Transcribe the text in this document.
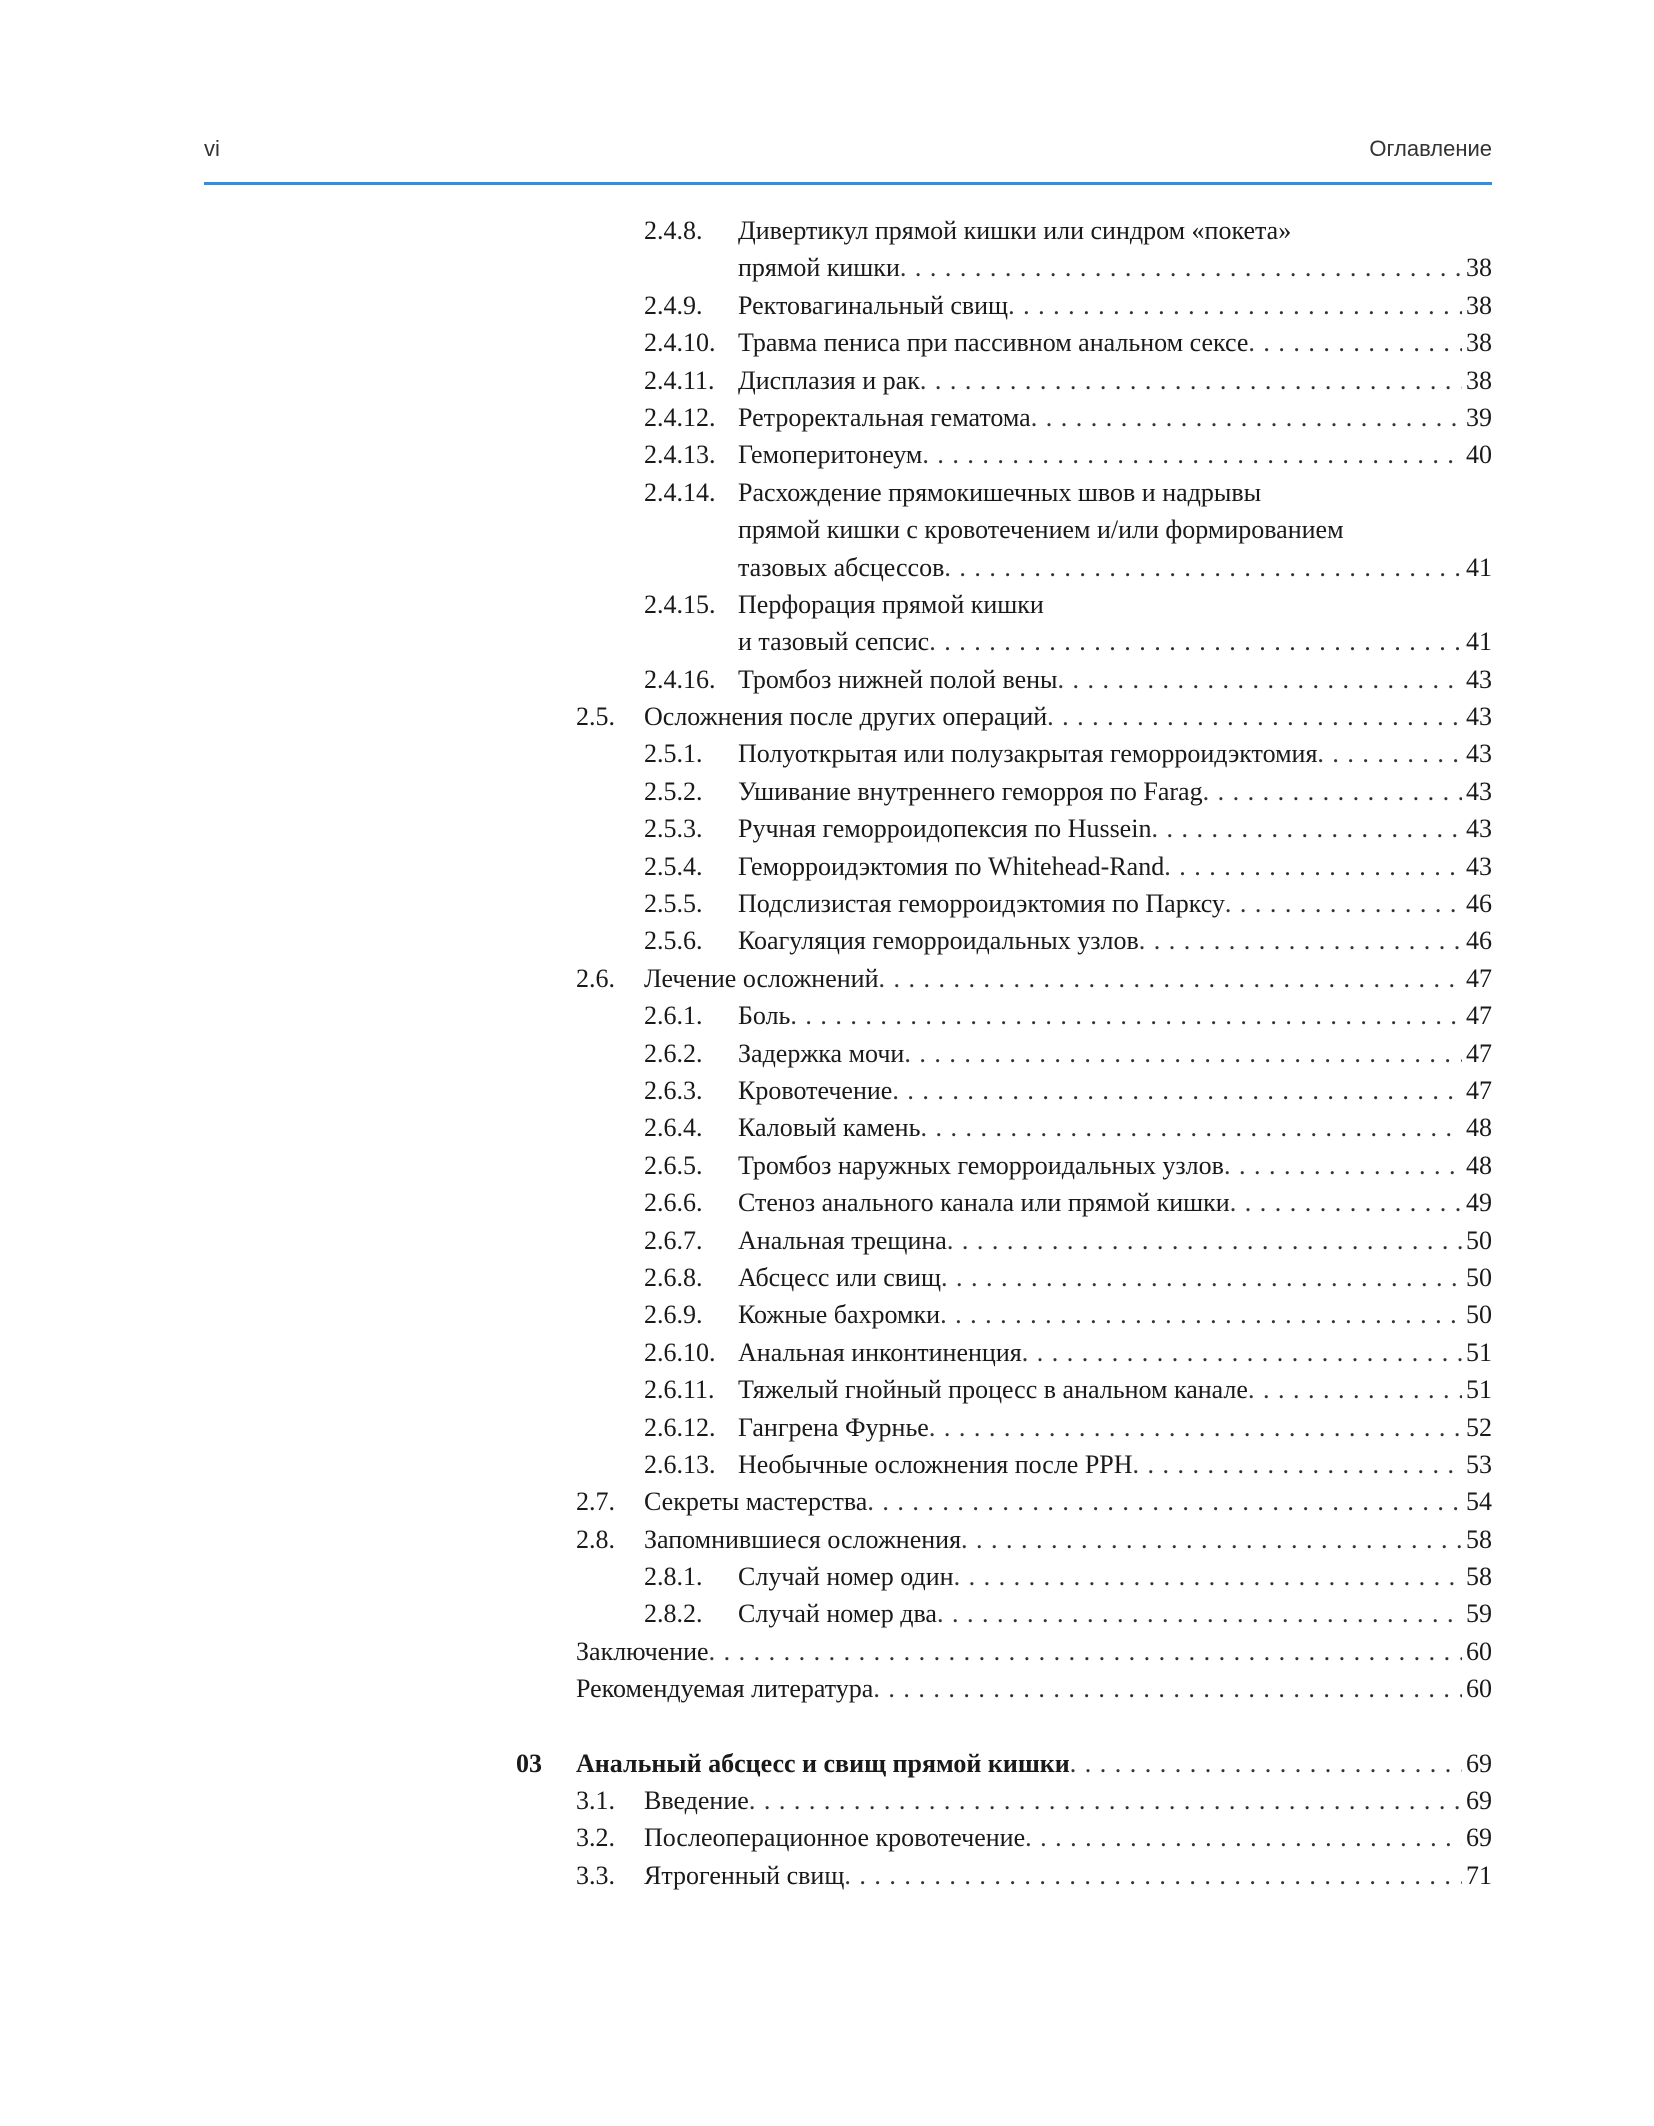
vi	Оглавление
2.4.8. Дивертикул прямой кишки или синдром «покета»
прямой кишки . . .	38
2.4.9. Ректовагинальный свищ . . .	38
2.4.10. Травма пениса при пассивном анальном сексе . . .	38
2.4.11. Дисплазия и рак . . .	38
2.4.12. Ретроректальная гематома . . .	39
2.4.13. Гемоперитонеум . . .	40
2.4.14. Расхождение прямокишечных швов и надрывы
прямой кишки с кровотечением и/или формированием
тазовых абсцессов . . .	41
2.4.15. Перфорация прямой кишки
и тазовый сепсис . . .	41
2.4.16. Тромбоз нижней полой вены . . .	43
2.5. Осложнения после других операций . . .	43
2.5.1. Полуоткрытая или полузакрытая геморроидэктомия . . .	43
2.5.2. Ушивание внутреннего геморроя по Farag . . .	43
2.5.3. Ручная геморроидопексия по Hussein . . .	43
2.5.4. Геморроидэктомия по Whitehead-Rand . . .	43
2.5.5. Подслизистая геморроидэктомия по Парксу . . .	46
2.5.6. Коагуляция геморроидальных узлов . . .	46
2.6. Лечение осложнений . . .	47
2.6.1. Боль . . .	47
2.6.2. Задержка мочи . . .	47
2.6.3. Кровотечение . . .	47
2.6.4. Каловый камень . . .	48
2.6.5. Тромбоз наружных геморроидальных узлов . . .	48
2.6.6. Стеноз анального канала или прямой кишки . . .	49
2.6.7. Анальная трещина . . .	50
2.6.8. Абсцесс или свищ . . .	50
2.6.9. Кожные бахромки . . .	50
2.6.10. Анальная инконтиненция . . .	51
2.6.11. Тяжелый гнойный процесс в анальном канале . . .	51
2.6.12. Гангрена Фурнье . . .	52
2.6.13. Необычные осложнения после PPH . . .	53
2.7. Секреты мастерства . . .	54
2.8. Запомнившиеся осложнения . . .	58
2.8.1. Случай номер один . . .	58
2.8.2. Случай номер два . . .	59
Заключение . . .	60
Рекомендуемая литература . . .	60
03 Анальный абсцесс и свищ прямой кишки . . .	69
3.1. Введение . . .	69
3.2. Послеоперационное кровотечение . . .	69
3.3. Ятрогенный свищ . . .	71
